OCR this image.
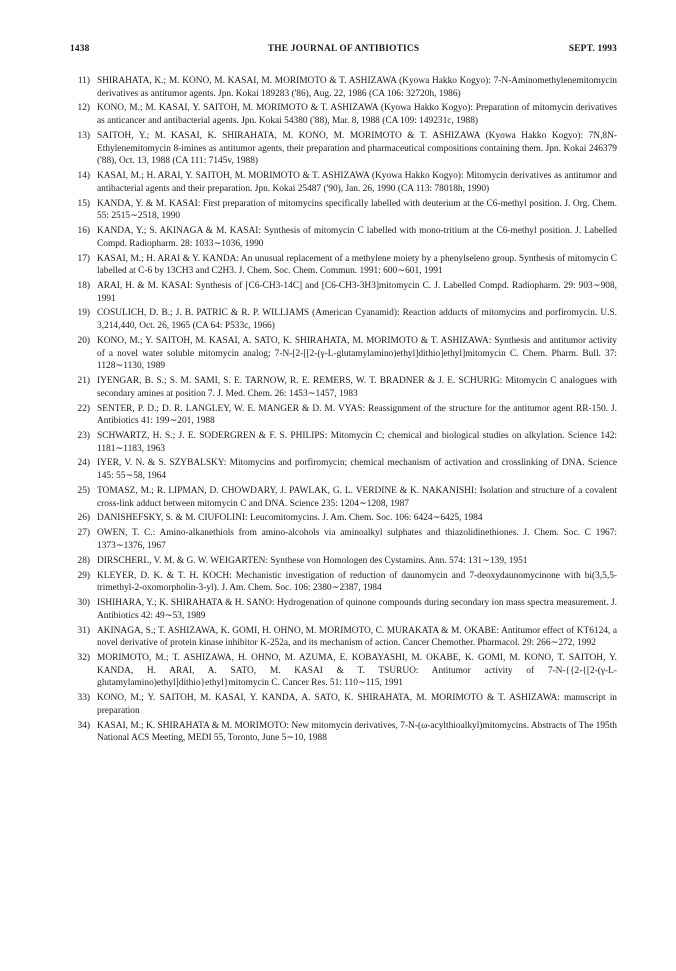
1438	THE JOURNAL OF ANTIBIOTICS	SEPT. 1993
11) SHIRAHATA, K.; M. KONO, M. KASAI, M. MORIMOTO & T. ASHIZAWA (Kyowa Hakko Kogyo): 7-N-Aminomethylenemitomycin derivatives as antitumor agents. Jpn. Kokai 189283 ('86), Aug. 22, 1986 (CA 106: 32720h, 1986)
12) KONO, M.; M. KASAI, Y. SAITOH, M. MORIMOTO & T. ASHIZAWA (Kyowa Hakko Kogyo): Preparation of mitomycin derivatives as anticancer and antibacterial agents. Jpn. Kokai 54380 ('88), Mar. 8, 1988 (CA 109: 149231c, 1988)
13) SAITOH, Y.; M. KASAI, K. SHIRAHATA, M. KONO, M. MORIMOTO & T. ASHIZAWA (Kyowa Hakko Kogyo): 7N,8N-Ethylenemitomycin 8-imines as antitumor agents, their preparation and pharmaceutical compositions containing them. Jpn. Kokai 246379 ('88), Oct. 13, 1988 (CA 111: 7145v, 1988)
14) KASAI, M.; H. ARAI, Y. SAITOH, M. MORIMOTO & T. ASHIZAWA (Kyowa Hakko Kogyo): Mitomycin derivatives as antitumor and antibacterial agents and their preparation. Jpn. Kokai 25487 ('90), Jan. 26, 1990 (CA 113: 78018h, 1990)
15) KANDA, Y. & M. KASAI: First preparation of mitomycins specifically labelled with deuterium at the C6-methyl position. J. Org. Chem. 55: 2515∼2518, 1990
16) KANDA, Y.; S. AKINAGA & M. KASAI: Synthesis of mitomycin C labelled with mono-tritium at the C6-methyl position. J. Labelled Compd. Radiopharm. 28: 1033∼1036, 1990
17) KASAI, M.; H. ARAI & Y. KANDA: An unusual replacement of a methylene moiety by a phenylseleno group. Synthesis of mitomycin C labelled at C-6 by 13CH3 and C2H3. J. Chem. Soc. Chem. Commun. 1991: 600∼601, 1991
18) ARAI, H. & M. KASAI: Synthesis of [C6-CH3-14C] and [C6-CH3-3H3]mitomycin C. J. Labelled Compd. Radiopharm. 29: 903∼908, 1991
19) COSULICH, D. B.; J. B. PATRIC & R. P. WILLIAMS (American Cyanamid): Reaction adducts of mitomycins and porfiromycin. U.S. 3,214,440, Oct. 26, 1965 (CA 64: P533c, 1966)
20) KONO, M.; Y. SAITOH, M. KASAI, A. SATO, K. SHIRAHATA, M. MORIMOTO & T. ASHIZAWA: Synthesis and antitumor activity of a novel water soluble mitomycin analog; 7-N-[2-[[2-(γ-L-glutamylamino)ethyl]dithio]ethyl]mitomycin C. Chem. Pharm. Bull. 37: 1128∼1130, 1989
21) IYENGAR, B. S.; S. M. SAMI, S. E. TARNOW, R. E. REMERS, W. T. BRADNER & J. E. SCHURIG: Mitomycin C analogues with secondary amines at position 7. J. Med. Chem. 26: 1453∼1457, 1983
22) SENTER, P. D.; D. R. LANGLEY, W. E. MANGER & D. M. VYAS: Reassignment of the structure for the antitumor agent RR-150. J. Antibiotics 41: 199∼201, 1988
23) SCHWARTZ, H. S.; J. E. SODERGREN & F. S. PHILIPS: Mitomycin C; chemical and biological studies on alkylation. Science 142: 1181∼1183, 1963
24) IYER, V. N. & S. SZYBALSKY: Mitomycins and porfiromycin; chemical mechanism of activation and crosslinking of DNA. Science 145: 55∼58, 1964
25) TOMASZ, M.; R. LIPMAN, D. CHOWDARY, J. PAWLAK, G. L. VERDINE & K. NAKANISHI: Isolation and structure of a covalent cross-link adduct between mitomycin C and DNA. Science 235: 1204∼1208, 1987
26) DANISHEFSKY, S. & M. CIUFOLINI: Leucomitomycins. J. Am. Chem. Soc. 106: 6424∼6425, 1984
27) OWEN, T. C.: Amino-alkanethiols from amino-alcohols via aminoalkyl sulphates and thiazolidinethiones. J. Chem. Soc. C 1967: 1373∼1376, 1967
28) DIRSCHERL, V. M. & G. W. WEIGARTEN: Synthese von Homologen des Cystamins. Ann. 574: 131∼139, 1951
29) KLEYER, D. K. & T. H. KOCH: Mechanistic investigation of reduction of daunomycin and 7-deoxydaunomycinone with bi(3,5,5-trimethyl-2-oxomorpholin-3-yl). J. Am. Chem. Soc. 106: 2380∼2387, 1984
30) ISHIHARA, Y.; K. SHIRAHATA & H. SANO: Hydrogenation of quinone compounds during secondary ion mass spectra measurement. J. Antibiotics 42: 49∼53, 1989
31) AKINAGA, S.; T. ASHIZAWA, K. GOMI, H. OHNO, M. MORIMOTO, C. MURAKATA & M. OKABE: Antitumor effect of KT6124, a novel derivative of protein kinase inhibitor K-252a, and its mechanism of action. Cancer Chemother. Pharmacol. 29: 266∼272, 1992
32) MORIMOTO, M.; T. ASHIZAWA, H. OHNO, M. AZUMA, E. KOBAYASHI, M. OKABE, K. GOMI, M. KONO, T. SAITOH, Y. KANDA, H. ARAI, A. SATO, M. KASAI & T. TSURUO: Antitumor activity of 7-N-{{2-{[2-(γ-L-glutamylamino)ethyl]dithio}ethyl}mitomycin C. Cancer Res. 51: 110∼115, 1991
33) KONO, M.; Y. SAITOH, M. KASAI, Y. KANDA, A. SATO, K. SHIRAHATA, M. MORIMOTO & T. ASHIZAWA: manuscript in preparation
34) KASAI, M.; K. SHIRAHATA & M. MORIMOTO: New mitomycin derivatives, 7-N-(ω-acylthioalkyl)mitomycins. Abstracts of The 195th National ACS Meeting, MEDI 55, Toronto, June 5∼10, 1988
